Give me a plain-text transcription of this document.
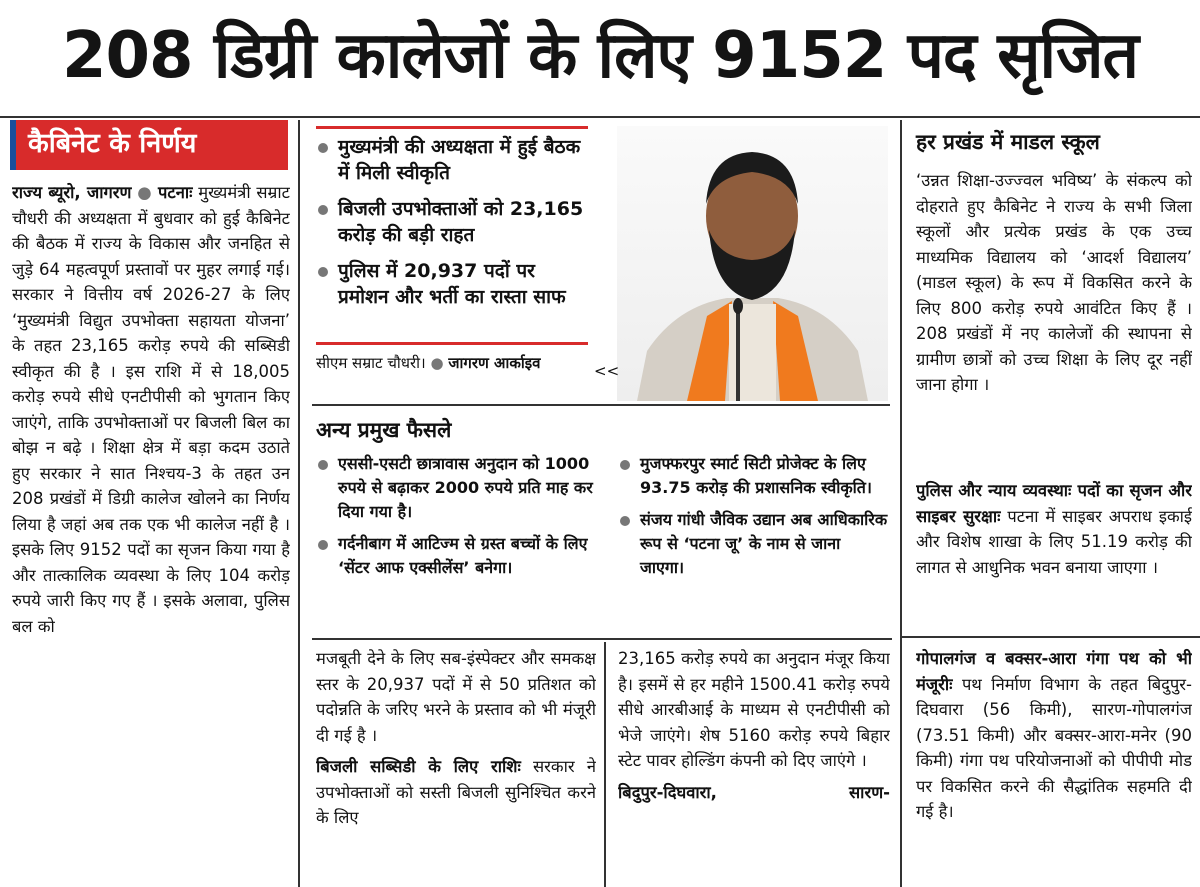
208 डिग्री कालेजों के लिए 9152 पद सृजित
कैबिनेट के निर्णय
राज्य ब्यूरो, जागरण ● पटनाः मुख्यमंत्री सम्राट चौधरी की अध्यक्षता में बुधवार को हुई कैबिनेट की बैठक में राज्य के विकास और जनहित से जुड़े 64 महत्वपूर्ण प्रस्तावों पर मुहर लगाई गई। सरकार ने वित्तीय वर्ष 2026-27 के लिए ‘मुख्यमंत्री विद्युत उपभोक्ता सहायता योजना’ के तहत 23,165 करोड़ रुपये की सब्सिडी स्वीकृत की है । इस राशि में से 18,005 करोड़ रुपये सीधे एनटीपीसी को भुगतान किए जाएंगे, ताकि उपभोक्ताओं पर बिजली बिल का बोझ न बढ़े । शिक्षा क्षेत्र में बड़ा कदम उठाते हुए सरकार ने सात निश्चय-3 के तहत उन 208 प्रखंडों में डिग्री कालेज खोलने का निर्णय लिया है जहां अब तक एक भी कालेज नहीं है । इसके लिए 9152 पदों का सृजन किया गया है और तात्कालिक व्यवस्था के लिए 104 करोड़ रुपये जारी किए गए हैं । इसके अलावा, पुलिस बल को
मुख्यमंत्री की अध्यक्षता में हुई बैठक में मिली स्वीकृति
बिजली उपभोक्ताओं को 23,165 करोड़ की बड़ी राहत
पुलिस में 20,937 पदों पर प्रमोशन और भर्ती का रास्ता साफ
सीएम सम्राट चौधरी। ● जागरण आर्काइव	<<
अन्य प्रमुख फैसले
एससी-एसटी छात्रावास अनुदान को 1000 रुपये से बढ़ाकर 2000 रुपये प्रति माह कर दिया गया है।
गर्दनीबाग में आटिज्म से ग्रस्त बच्चों के लिए ‘सेंटर आफ एक्सीलेंस’ बनेगा।
मुजफ्फरपुर स्मार्ट सिटी प्रोजेक्ट के लिए 93.75 करोड़ की प्रशासनिक स्वीकृति।
संजय गांधी जैविक उद्यान अब आधिकारिक रूप से ‘पटना जू’ के नाम से जाना जाएगा।
मजबूती देने के लिए सब-इंस्पेक्टर और समकक्ष स्तर के 20,937 पदों में से 50 प्रतिशत को पदोन्नति के जरिए भरने के प्रस्ताव को भी मंजूरी दी गई है ।
बिजली सब्सिडी के लिए राशिः सरकार ने उपभोक्ताओं को सस्ती बिजली सुनिश्चित करने के लिए
23,165 करोड़ रुपये का अनुदान मंजूर किया है। इसमें से हर महीने 1500.41 करोड़ रुपये सीधे आरबीआई के माध्यम से एनटीपीसी को भेजे जाएंगे। शेष 5160 करोड़ रुपये बिहार स्टेट पावर होल्डिंग कंपनी को दिए जाएंगे ।
बिदुपुर-दिघवारा,	सारण-
हर प्रखंड में माडल स्कूल
‘उन्नत शिक्षा-उज्ज्वल भविष्य’ के संकल्प को दोहराते हुए कैबिनेट ने राज्य के सभी जिला स्कूलों और प्रत्येक प्रखंड के एक उच्च माध्यमिक विद्यालय को ‘आदर्श विद्यालय’ (माडल स्कूल) के रूप में विकसित करने के लिए 800 करोड़ रुपये आवंटित किए हैं । 208 प्रखंडों में नए कालेजों की स्थापना से ग्रामीण छात्रों को उच्च शिक्षा के लिए दूर नहीं जाना होगा ।
पुलिस और न्याय व्यवस्थाः पदों का सृजन और साइबर सुरक्षाः पटना में साइबर अपराध इकाई और विशेष शाखा के लिए 51.19 करोड़ की लागत से आधुनिक भवन बनाया जाएगा ।
गोपालगंज व बक्सर-आरा गंगा पथ को भी मंजूरीः पथ निर्माण विभाग के तहत बिदुपुर-दिघवारा (56 किमी), सारण-गोपालगंज (73.51 किमी) और बक्सर-आरा-मनेर (90 किमी) गंगा पथ परियोजनाओं को पीपीपी मोड पर विकसित करने की सैद्धांतिक सहमति दी गई है।
